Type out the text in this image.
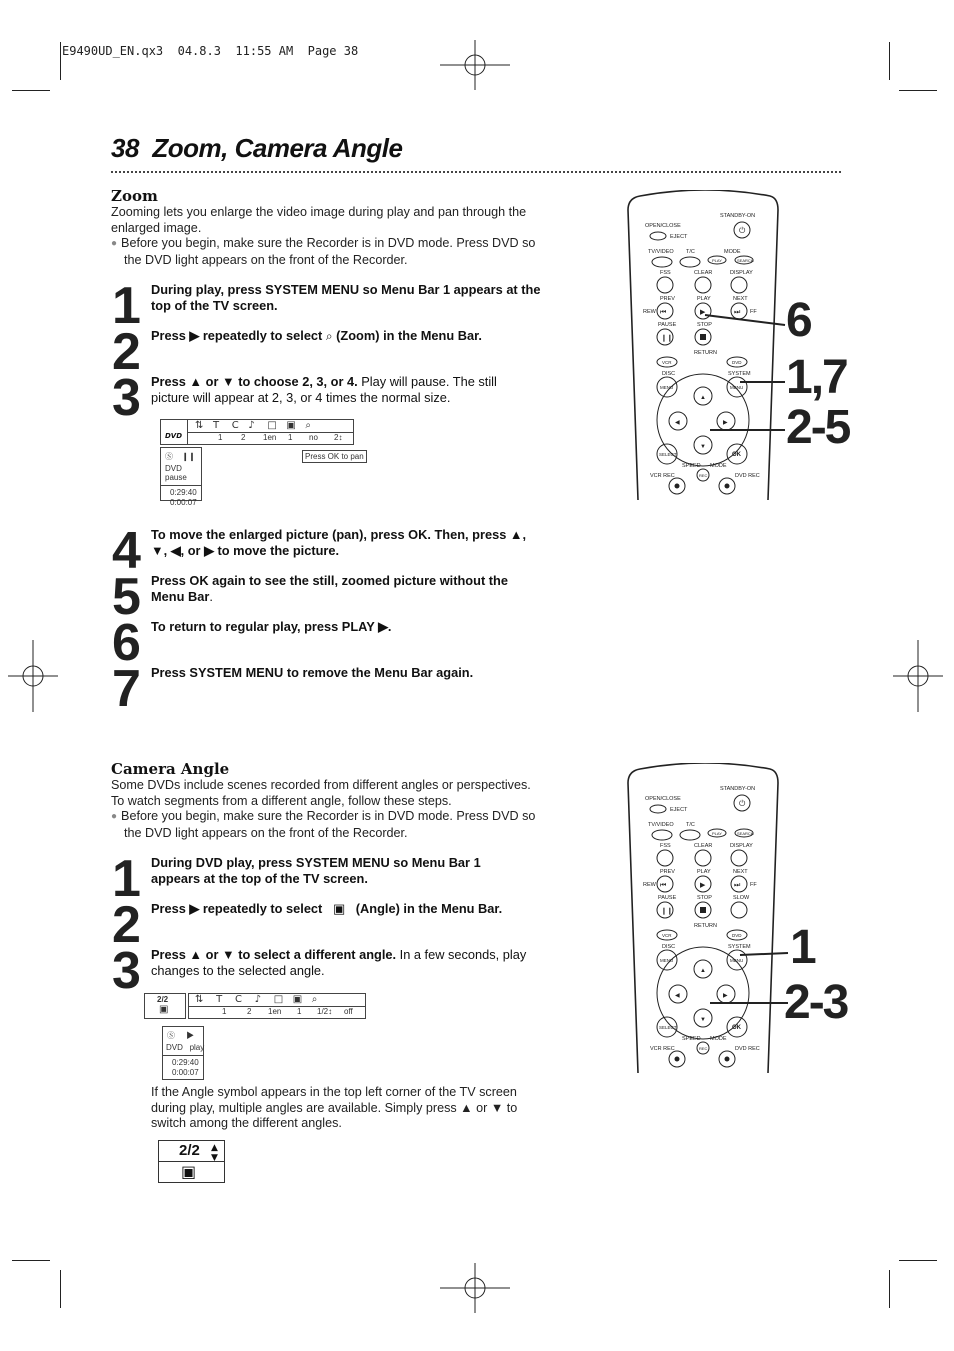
E9490UD_EN.qx3  04.8.3  11:55 AM  Page 38
38 Zoom, Camera Angle
Zoom
Zooming lets you enlarge the video image during play and pan through the enlarged image.
● Before you begin, make sure the Recorder is in DVD mode. Press DVD so the DVD light appears on the front of the Recorder.
1 During play, press SYSTEM MENU so Menu Bar 1 appears at the top of the TV screen.
2 Press ▶ repeatedly to select ⌕ (Zoom) in the Menu Bar.
3 Press ▲ or ▼ to choose 2, 3, or 4. Play will pause. The still picture will appear at 2, 3, or 4 times the normal size.
DVD
⇅ T C ♪ □ ▣ ⌕
1 2 1en 1 no 2↕
Ⓢ ❙❙
DVD pause
0:29:40
0:00:07
Press OK to pan
4 To move the enlarged picture (pan), press OK. Then, press ▲, ▼, ◀, or ▶ to move the picture.
5 Press OK again to see the still, zoomed picture without the Menu Bar.
6 To return to regular play, press PLAY ▶.
7 Press SYSTEM MENU to remove the Menu Bar again.
Camera Angle
Some DVDs include scenes recorded from different angles or perspectives. To watch segments from a different angle, follow these steps.
● Before you begin, make sure the Recorder is in DVD mode. Press DVD so the DVD light appears on the front of the Recorder.
1 During DVD play, press SYSTEM MENU so Menu Bar 1 appears at the top of the TV screen.
2 Press ▶ repeatedly to select   ▣   (Angle) in the Menu Bar.
3 Press ▲ or ▼ to select a different angle. In a few seconds, play changes to the selected angle.
2/2
▣
⇅ T C ♪ □ ▣ ⌕
1	2 1en 1 1/2↕ off
Ⓢ ▶
DVD play
0:29:40
0:00:07
If the Angle symbol appears in the top left corner of the TV screen during play, multiple angles are available. Simply press ▲ or ▼ to switch among the different angles.
2/2 ▲
▼
▣
STANDBY-ON
⏻
OPEN/CLOSE
EJECT
TV/VIDEO T/C	MODE
PLAY	SEARCH
FSS	CLEAR	DISPLAY
PREV	PLAY	NEXT
REW	FF
⏮	▶	⏭
PAUSE	STOP
❙❙
RETURN
VCR	DVD
DISC	SYSTEM
MENU	MENU
▲
◀	▶
▼
SELECT	OK
SPEED MODE
VCR REC	DVD REC
REC
6
1,7
2-5
STANDBY-ON
⏻
OPEN/CLOSE
EJECT
TV/VIDEO T/C
PLAY	SEARCH
FSS	CLEAR	DISPLAY
PREV	PLAY	NEXT
REW	FF
⏮	▶	⏭
PAUSE	STOP	SLOW
❙❙
RETURN
VCR	DVD
DISC	SYSTEM
MENU	MENU
▲
◀	▶
▼
SELECT	OK
SPEED MODE
VCR REC	DVD REC
REC
1
2-3
